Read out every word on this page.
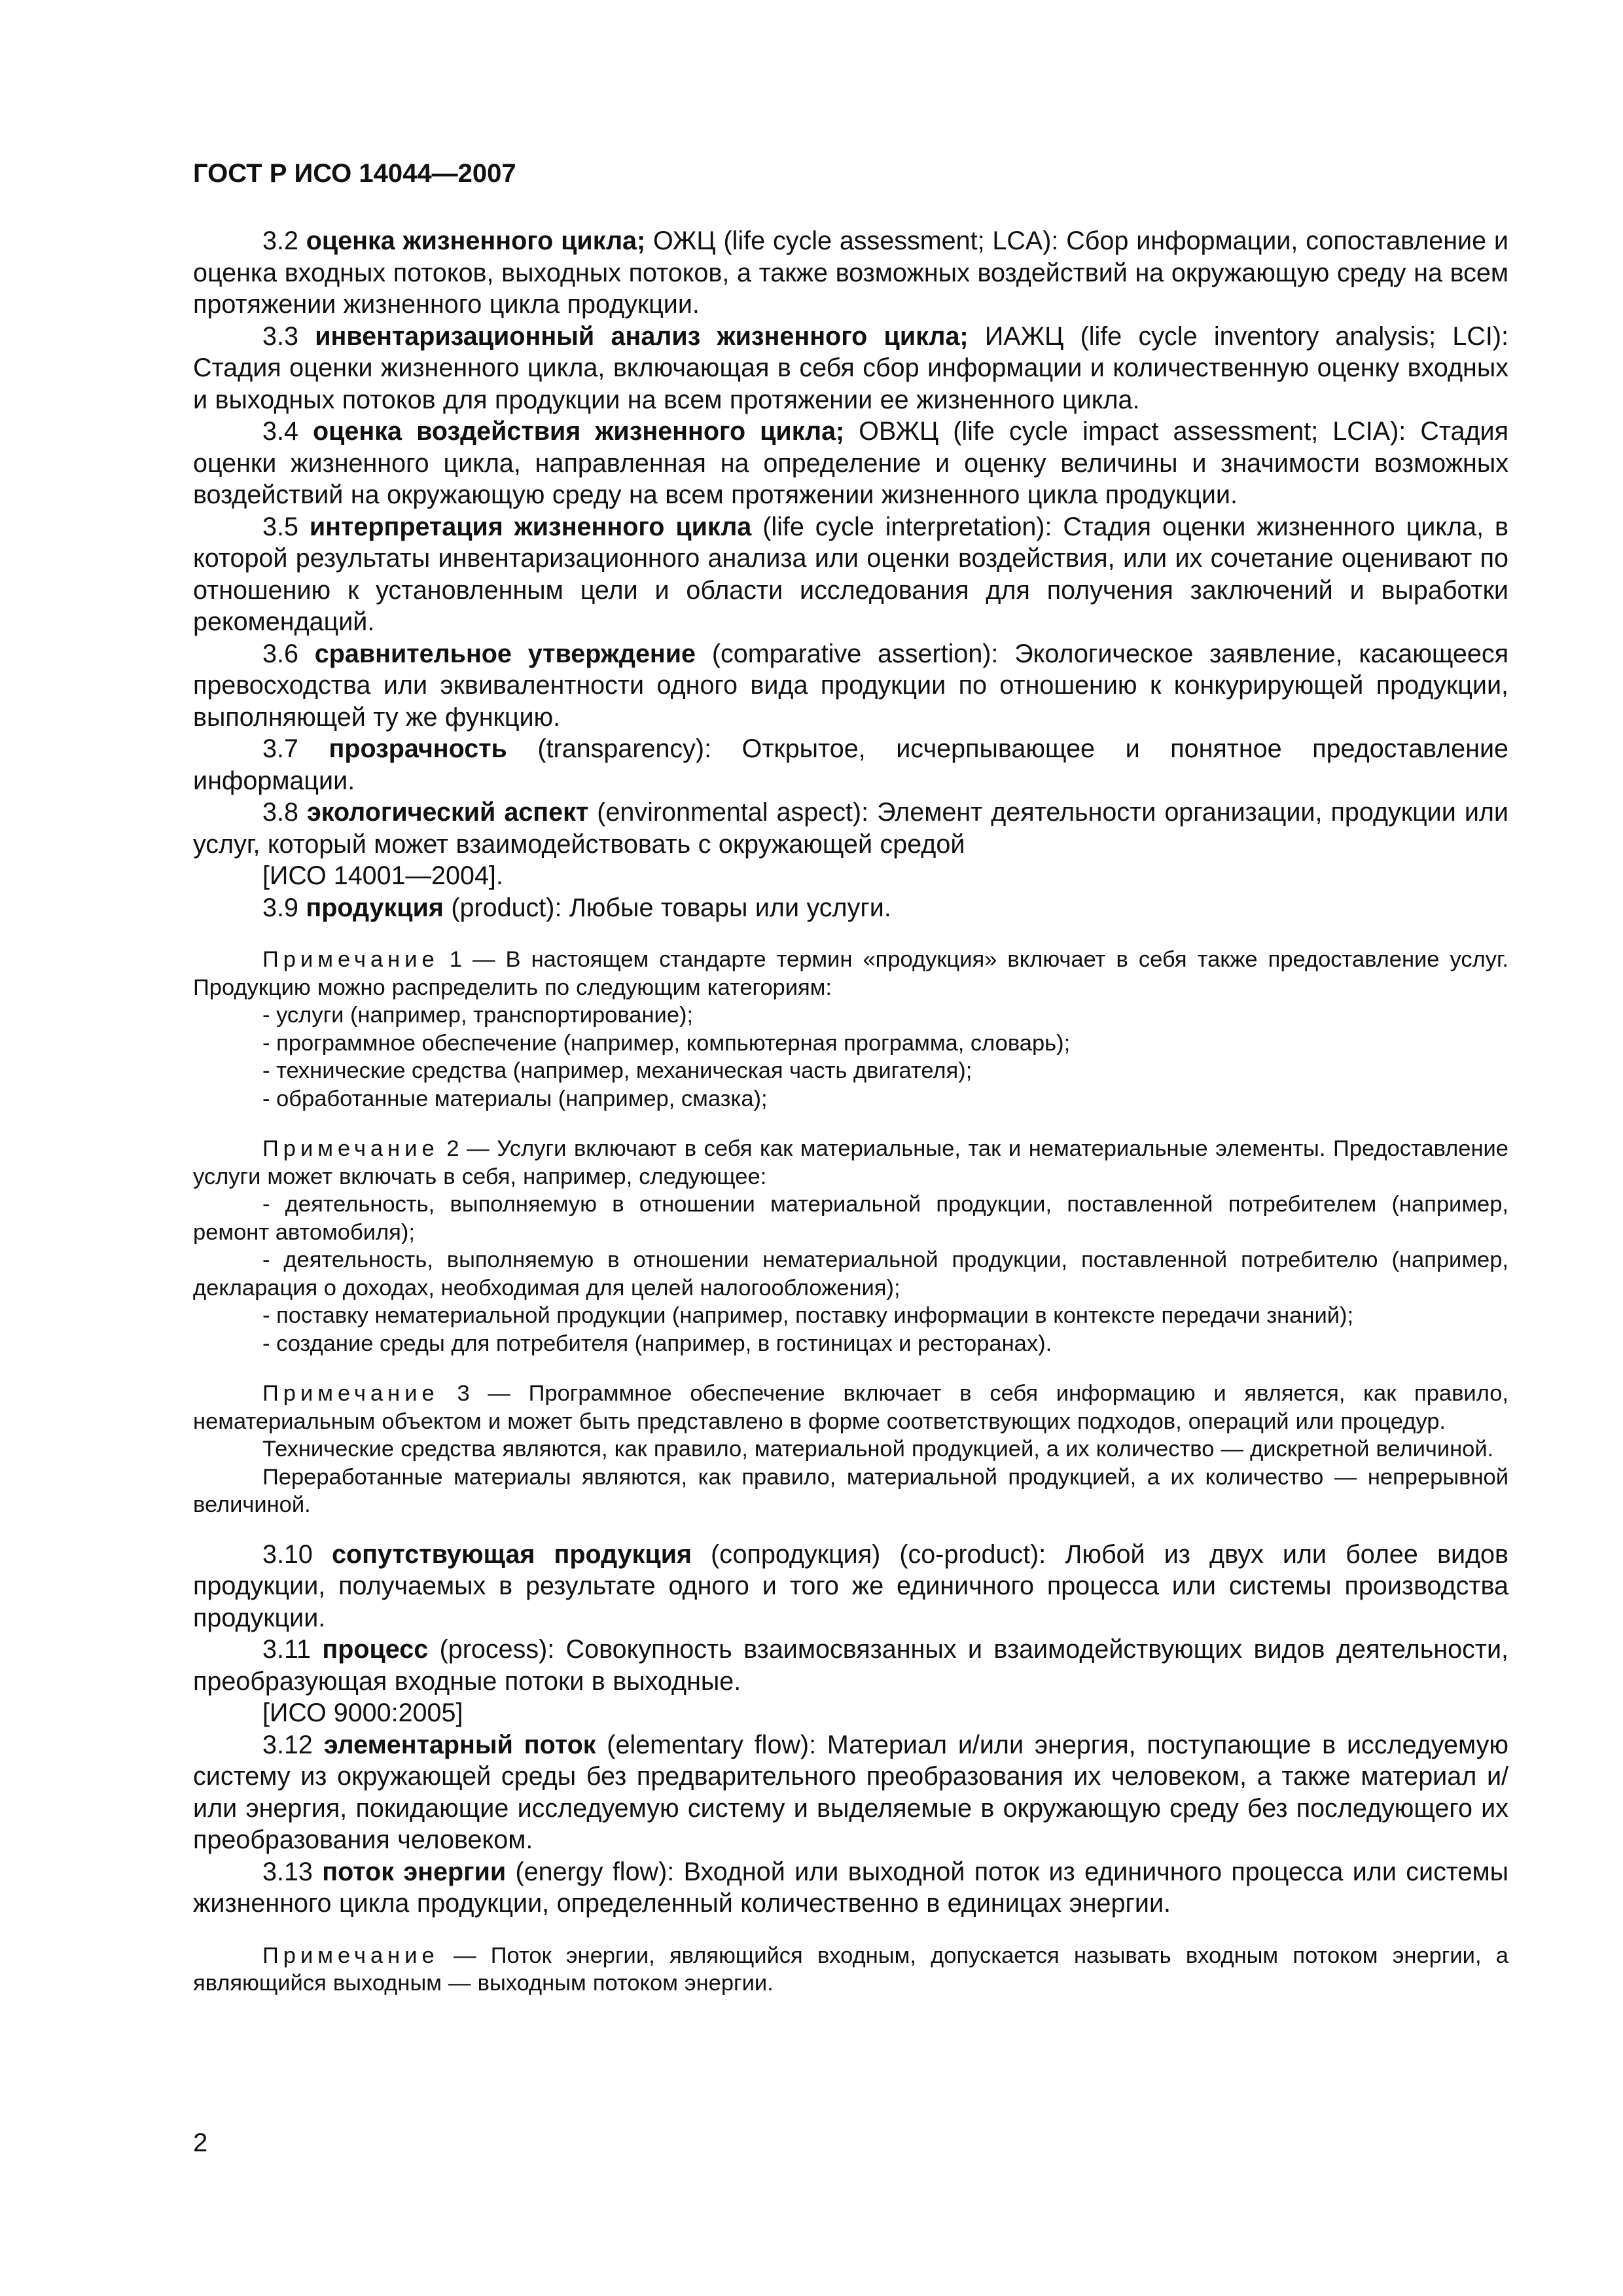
ГОСТ Р ИСО 14044—2007

3.2 оценка жизненного цикла; ОЖЦ (life cycle assessment; LCA): Сбор информации, сопоставление и оценка входных потоков, выходных потоков, а также возможных воздействий на окружающую среду на всем протяжении жизненного цикла продукции.

3.3 инвентаризационный анализ жизненного цикла; ИАЖЦ (life cycle inventory analysis; LCI): Стадия оценки жизненного цикла, включающая в себя сбор информации и количественную оценку входных и выходных потоков для продукции на всем протяжении ее жизненного цикла.

3.4 оценка воздействия жизненного цикла; ОВЖЦ (life cycle impact assessment; LCIA): Стадия оценки жизненного цикла, направленная на определение и оценку величины и значимости возможных воздействий на окружающую среду на всем протяжении жизненного цикла продукции.

3.5 интерпретация жизненного цикла (life cycle interpretation): Стадия оценки жизненного цикла, в которой результаты инвентаризационного анализа или оценки воздействия, или их сочетание оценивают по отношению к установленным цели и области исследования для получения заключений и выработки рекомендаций.

3.6 сравнительное утверждение (comparative assertion): Экологическое заявление, касающееся превосходства или эквивалентности одного вида продукции по отношению к конкурирующей продукции, выполняющей ту же функцию.

3.7 прозрачность (transparency): Открытое, исчерпывающее и понятное предоставление информации.

3.8 экологический аспект (environmental aspect): Элемент деятельности организации, продукции или услуг, который может взаимодействовать с окружающей средой

[ИСО 14001—2004].

3.9 продукция (product): Любые товары или услуги.

Примечание 1 — В настоящем стандарте термин «продукция» включает в себя также предоставление услуг. Продукцию можно распределить по следующим категориям:

- услуги (например, транспортирование);

- программное обеспечение (например, компьютерная программа, словарь);

- технические средства (например, механическая часть двигателя);

- обработанные материалы (например, смазка);

Примечание 2 — Услуги включают в себя как материальные, так и нематериальные элементы. Предоставление услуги может включать в себя, например, следующее:

- деятельность, выполняемую в отношении материальной продукции, поставленной потребителем (например, ремонт автомобиля);

- деятельность, выполняемую в отношении нематериальной продукции, поставленной потребителю (например, декларация о доходах, необходимая для целей налогообложения);

- поставку нематериальной продукции (например, поставку информации в контексте передачи знаний);

- создание среды для потребителя (например, в гостиницах и ресторанах).

Примечание 3 — Программное обеспечение включает в себя информацию и является, как правило, нематериальным объектом и может быть представлено в форме соответствующих подходов, операций или процедур.

Технические средства являются, как правило, материальной продукцией, а их количество — дискретной величиной.

Переработанные материалы являются, как правило, материальной продукцией, а их количество — непрерывной величиной.

3.10 сопутствующая продукция (сопродукция) (co-product): Любой из двух или более видов продукции, получаемых в результате одного и того же единичного процесса или системы производства продукции.

3.11 процесс (process): Совокупность взаимосвязанных и взаимодействующих видов деятельности, преобразующая входные потоки в выходные.

[ИСО 9000:2005]

3.12 элементарный поток (elementary flow): Материал и/или энергия, поступающие в исследуемую систему из окружающей среды без предварительного преобразования их человеком, а также материал и/или энергия, покидающие исследуемую систему и выделяемые в окружающую среду без последующего их преобразования человеком.

3.13 поток энергии (energy flow): Входной или выходной поток из единичного процесса или системы жизненного цикла продукции, определенный количественно в единицах энергии.

Примечание — Поток энергии, являющийся входным, допускается называть входным потоком энергии, а являющийся выходным — выходным потоком энергии.

2
